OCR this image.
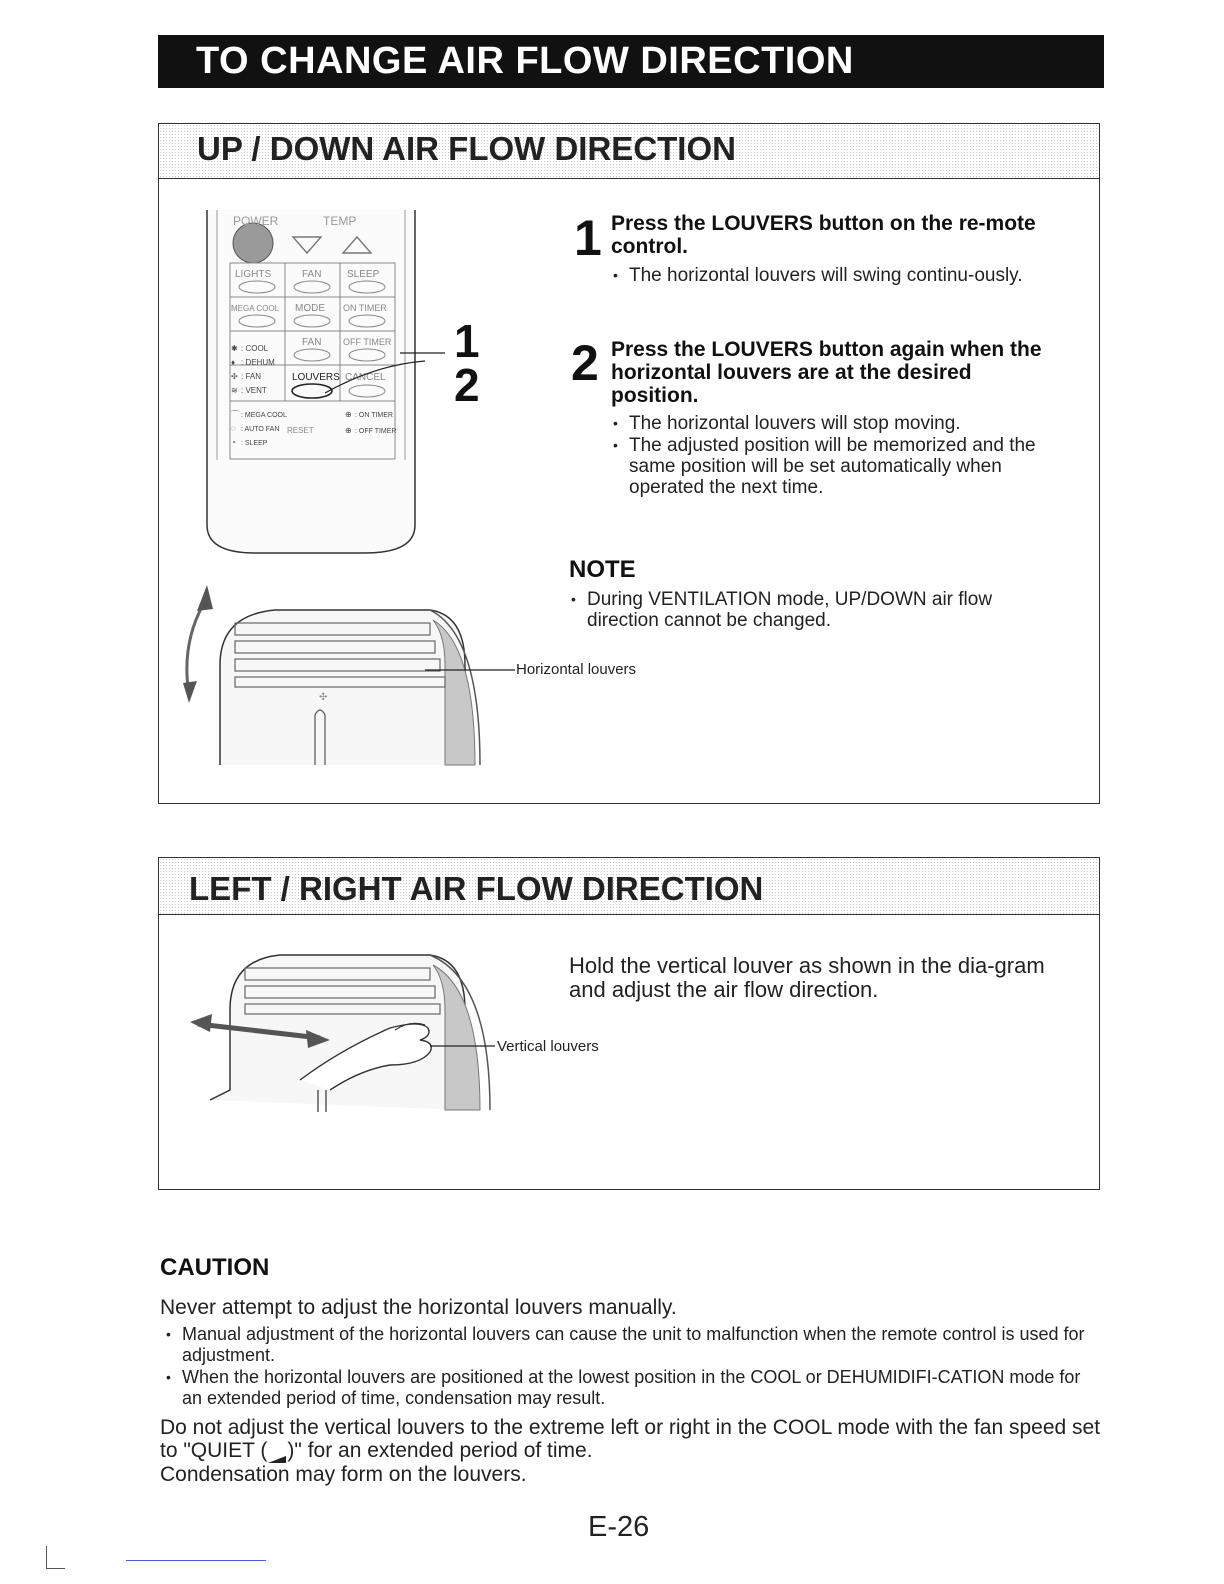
TO CHANGE AIR FLOW DIRECTION
UP / DOWN AIR FLOW DIRECTION
POWER	TEMP
LIGHTS	FAN	SLEEP
MEGA COOL MODE ON TIMER
FAN OFF TIMER
LOUVERS CANCEL
RESET
✱ : COOL
♦ : DEHUM
✣ : FAN
≋ : VENT
⌒ : MEGA COOL
◌ : AUTO FAN
◔ : SLEEP
⊕ : ON TIMER
⊕ : OFF TIMER
1
2
✣
Horizontal louvers
1 Press the LOUVERS button on the re-mote control.
• The horizontal louvers will swing continu-ously.
2 Press the LOUVERS button again when the horizontal louvers are at the desired position.
• The horizontal louvers will stop moving.
• The adjusted position will be memorized and the same position will be set automatically when operated the next time.
NOTE
• During VENTILATION mode, UP/DOWN air flow direction cannot be changed.
LEFT / RIGHT AIR FLOW DIRECTION
Vertical louvers
Hold the vertical louver as shown in the dia-gram and adjust the air flow direction.
CAUTION
Never attempt to adjust the horizontal louvers manually.
• Manual adjustment of the horizontal louvers can cause the unit to malfunction when the remote control is used for adjustment.
• When the horizontal louvers are positioned at the lowest position in the COOL or DEHUMIDIFI-CATION mode for an extended period of time, condensation may result.
Do not adjust the vertical louvers to the extreme left or right in the COOL mode with the fan speed set to "QUIET ( )" for an extended period of time.
Condensation may form on the louvers.
E-26
